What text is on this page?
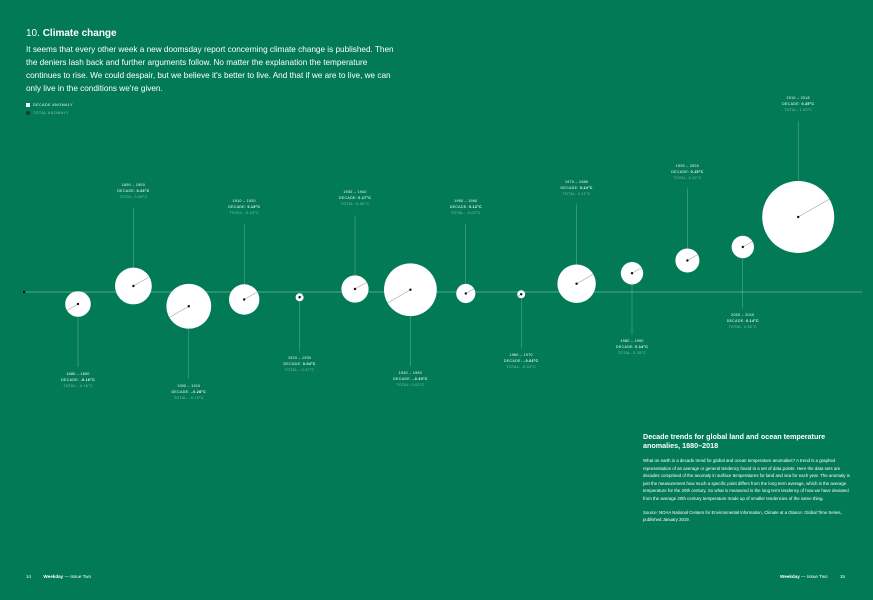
10. Climate change

It seems that every other week a new doomsday report concerning climate change is published. Then the deniers lash back and further arguments follow. No matter the explanation the temperature continues to rise. We could despair, but we believe it's better to live. And that if we are to live, we can only live in the conditions we're given.

DECADE ANOMALY
TOTAL ANOMALY
1880 – 1890
DECADE: -0.16°C
TOTAL: -0.16°C
1890 – 1900
DECADE: 0.23°C
TOTAL: 0.08°C
1900 – 1910
DECADE: –0.28°C
TOTAL: -0.19°C
1910 – 1920
DECADE: 0.19°C
TOTAL: -0.10°C
1920 – 1930
DECADE: 0.04°C
TOTAL: -0.07°C
1930 – 1940
DECADE: 0.17°C
TOTAL: 0.04°C
1940 – 1950
DECADE: –0.33°C
TOTAL: 0.03°C
1950 – 1960
DECADE: 0.12°C
TOTAL: -0.02°C
1960 – 1970
DECADE: –0.03°C
TOTAL: -0.03°C
1970 – 1980
DECADE: 0.24°C
TOTAL: 0.11°C
1980 – 1990
DECADE: 0.14°C
TOTAL: 0.25°C
1990 – 2000
DECADE: 0.15°C
TOTAL: 0.42°C
2000 – 2010
DECADE: 0.14°C
TOTAL: 0.60°C
2010 – 2018
DECADE: 0.45°C
TOTAL: 1.00°C
Decade trends for global land and ocean temperature anomalies, 1880–2018

What on earth is a decade trend for global and ocean temperature anomalies? A trend is a graphed representation of an average or general tendency found in a set of data points. Here the data sets are decades comprised of the anomaly in surface temperatures for land and sea for each year. The anomaly is just the measurement how much a specific point differs from the long term average, which is the average temperature for the 20th century. So what is measured is the long term tendency of how we have deviated from the average 20th century temperature made up of smaller tendencies of the same thing.

Source: NOAA National Centers for Environmental Information, Climate at a Glance: Global Time Series, published January 2019.

14	Weekday — Issue Two	Weekday — Issue Two	15
